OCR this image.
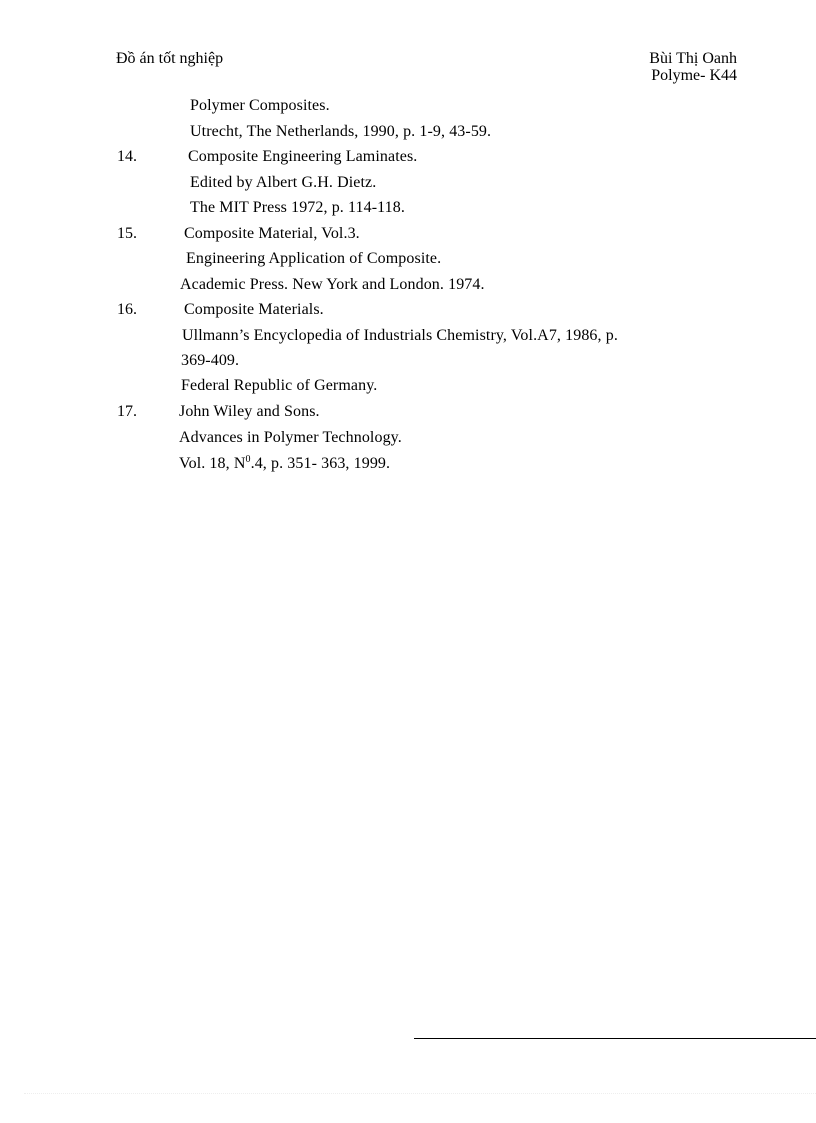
Đồ án tốt nghiệp	Bùi Thị Oanh
Polyme- K44
Polymer Composites.
Utrecht, The Netherlands, 1990, p. 1-9, 43-59.
14.	Composite Engineering Laminates.
Edited by Albert G.H. Dietz.
The MIT Press 1972, p. 114-118.
15.	Composite Material, Vol.3.
Engineering Application of Composite.
Academic Press. New York and London. 1974.
16.	Composite Materials.
Ullmann’s Encyclopedia of Industrials Chemistry, Vol.A7, 1986, p.
369-409.
Federal Republic of Germany.
17.	John Wiley and Sons.
Advances in Polymer Technology.
Vol. 18, $N^0.4$, p. 351- 363, 1999.
